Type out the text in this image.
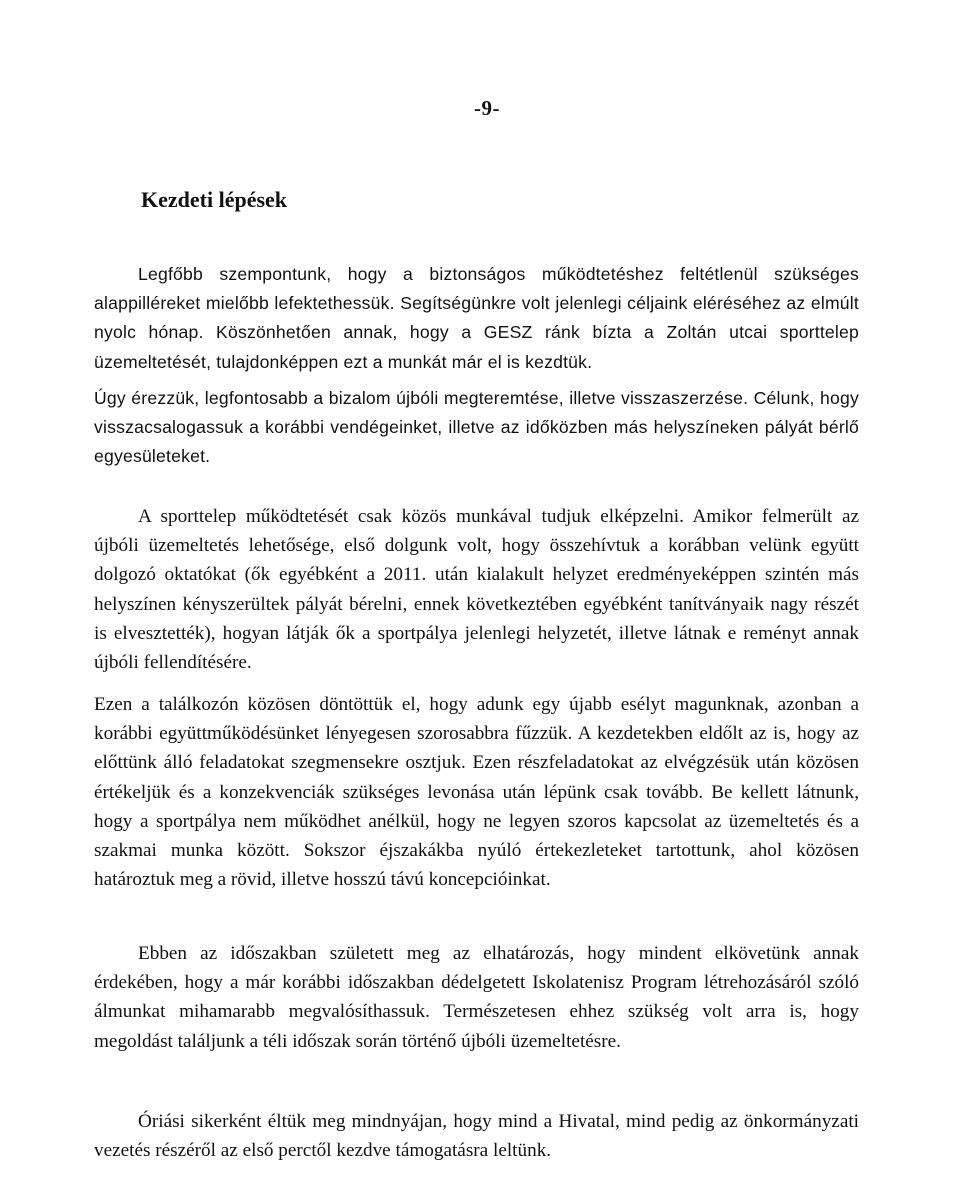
-9-
Kezdeti lépések

Legfőbb szempontunk, hogy a biztonságos működtetéshez feltétlenül szükséges alappilléreket mielőbb lefektethessük. Segítségünkre volt jelenlegi céljaink eléréséhez az elmúlt nyolc hónap. Köszönhetően annak, hogy a GESZ ránk bízta a Zoltán utcai sporttelep üzemeltetését, tulajdonképpen ezt a munkát már el is kezdtük.

Úgy érezzük, legfontosabb a bizalom újbóli megteremtése, illetve visszaszerzése. Célunk, hogy visszacsalogassuk a korábbi vendégeinket, illetve az időközben más helyszíneken pályát bérlő egyesületeket.

A sporttelep működtetését csak közös munkával tudjuk elképzelni. Amikor felmerült az újbóli üzemeltetés lehetősége, első dolgunk volt, hogy összehívtuk a korábban velünk együtt dolgozó oktatókat (ők egyébként a 2011. után kialakult helyzet eredményeképpen szintén más helyszínen kényszerültek pályát bérelni, ennek következtében egyébként tanítványaik nagy részét is elvesztették), hogyan látják ők a sportpálya jelenlegi helyzetét, illetve látnak e reményt annak újbóli fellendítésére.

Ezen a találkozón közösen döntöttük el, hogy adunk egy újabb esélyt magunknak, azonban a korábbi együttműködésünket lényegesen szorosabbra fűzzük. A kezdetekben eldőlt az is, hogy az előttünk álló feladatokat szegmensekre osztjuk. Ezen részfeladatokat az elvégzésük után közösen értékeljük és a konzekvenciák szükséges levonása után lépünk csak tovább. Be kellett látnunk, hogy a sportpálya nem működhet anélkül, hogy ne legyen szoros kapcsolat az üzemeltetés és a szakmai munka között. Sokszor éjszakákba nyúló értekezleteket tartottunk, ahol közösen határoztuk meg a rövid, illetve hosszú távú koncepcióinkat.

Ebben az időszakban született meg az elhatározás, hogy mindent elkövetünk annak érdekében, hogy a már korábbi időszakban dédelgetett Iskolatenisz Program létrehozásáról szóló álmunkat mihamarabb megvalósíthassuk. Természetesen ehhez szükség volt arra is, hogy megoldást találjunk a téli időszak során történő újbóli üzemeltetésre.

Óriási sikerként éltük meg mindnyájan, hogy mind a Hivatal, mind pedig az önkormányzati vezetés részéről az első perctől kezdve támogatásra leltünk.
